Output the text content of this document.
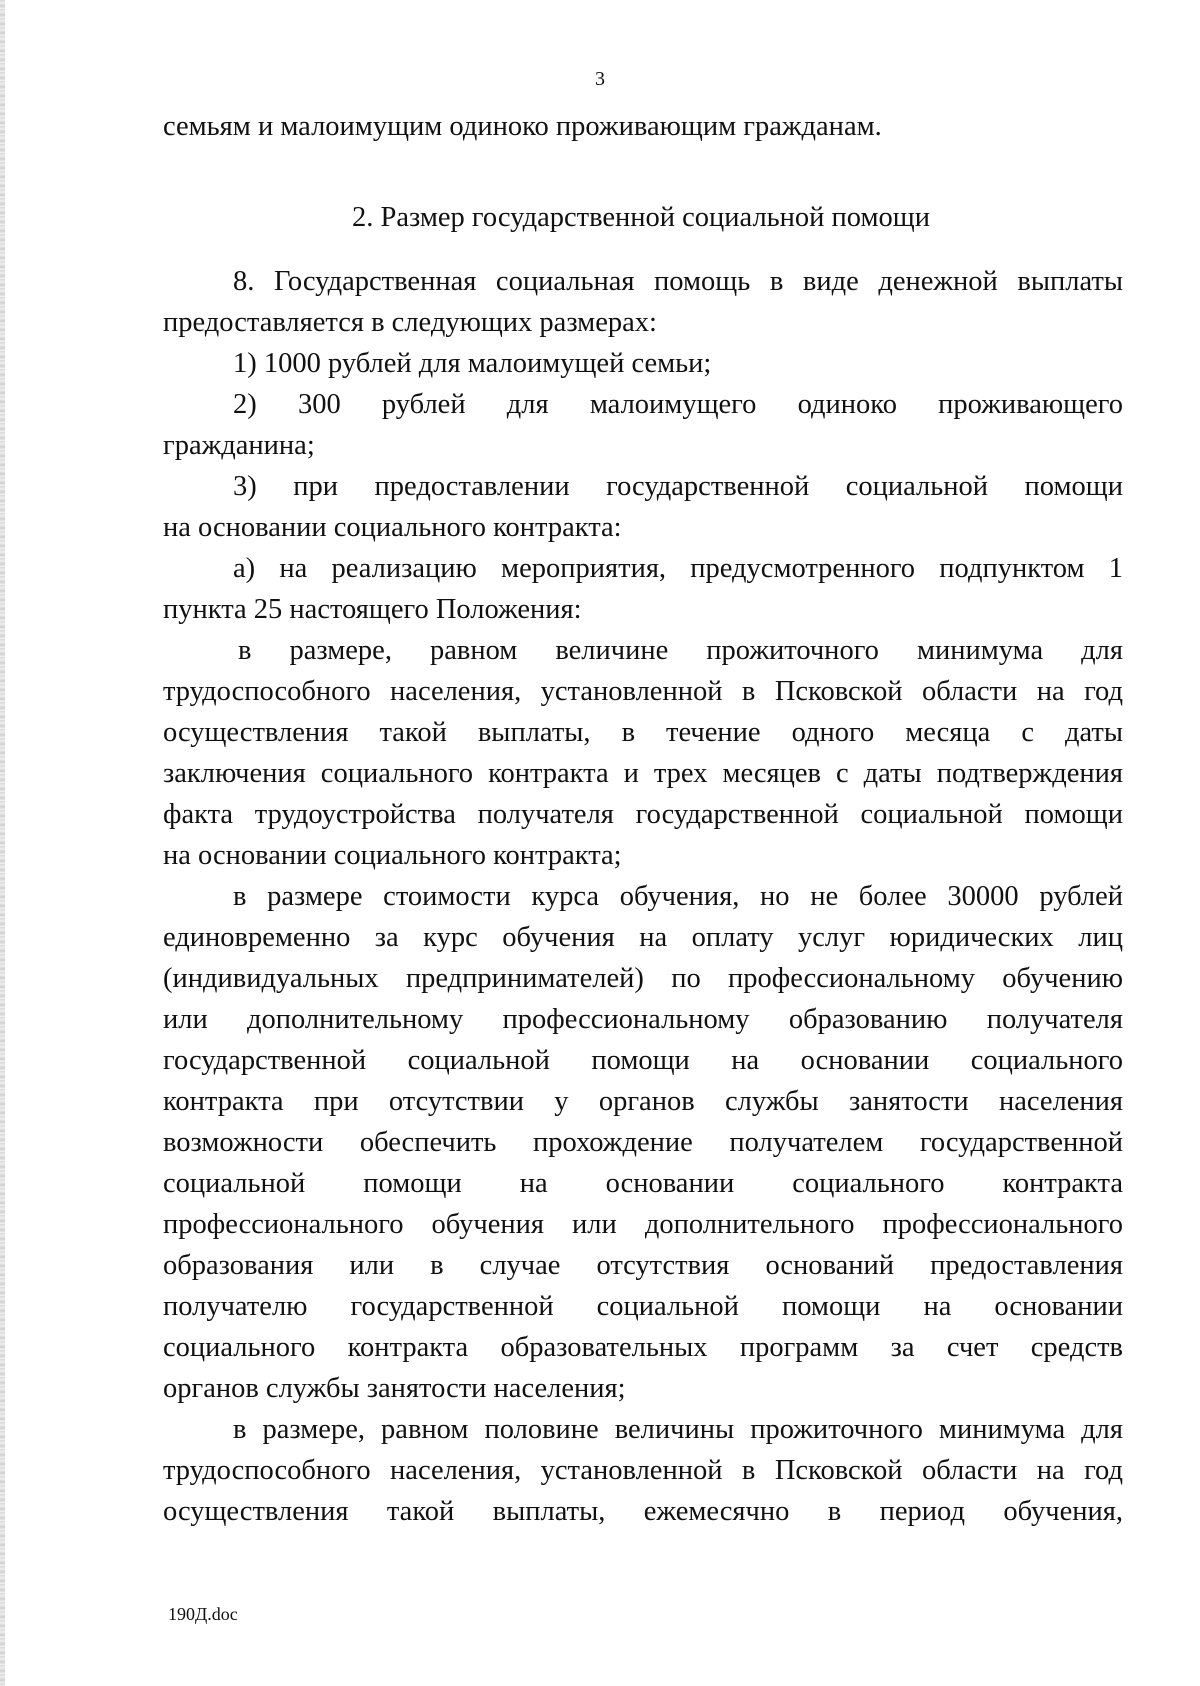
3
семьям и малоимущим одиноко проживающим гражданам.
2. Размер государственной социальной помощи
8. Государственная социальная помощь в виде денежной выплаты
предоставляется в следующих размерах:
1) 1000 рублей для малоимущей семьи;
2) 300 рублей для малоимущего одиноко проживающего
гражданина;
3) при предоставлении государственной социальной помощи
на основании социального контракта:
а) на реализацию мероприятия, предусмотренного подпунктом 1
пункта 25 настоящего Положения:
в размере, равном величине прожиточного минимума для
трудоспособного населения, установленной в Псковской области на год
осуществления такой выплаты, в течение одного месяца с даты
заключения социального контракта и трех месяцев с даты подтверждения
факта трудоустройства получателя государственной социальной помощи
на основании социального контракта;
в размере стоимости курса обучения, но не более 30000 рублей
единовременно за курс обучения на оплату услуг юридических лиц
(индивидуальных предпринимателей) по профессиональному обучению
или дополнительному профессиональному образованию получателя
государственной социальной помощи на основании социального
контракта при отсутствии у органов службы занятости населения
возможности обеспечить прохождение получателем государственной
социальной помощи на основании социального контракта
профессионального обучения или дополнительного профессионального
образования или в случае отсутствия оснований предоставления
получателю государственной социальной помощи на основании
социального контракта образовательных программ за счет средств
органов службы занятости населения;
в размере, равном половине величины прожиточного минимума для
трудоспособного населения, установленной в Псковской области на год
осуществления такой выплаты, ежемесячно в период обучения,
190Д.doc
